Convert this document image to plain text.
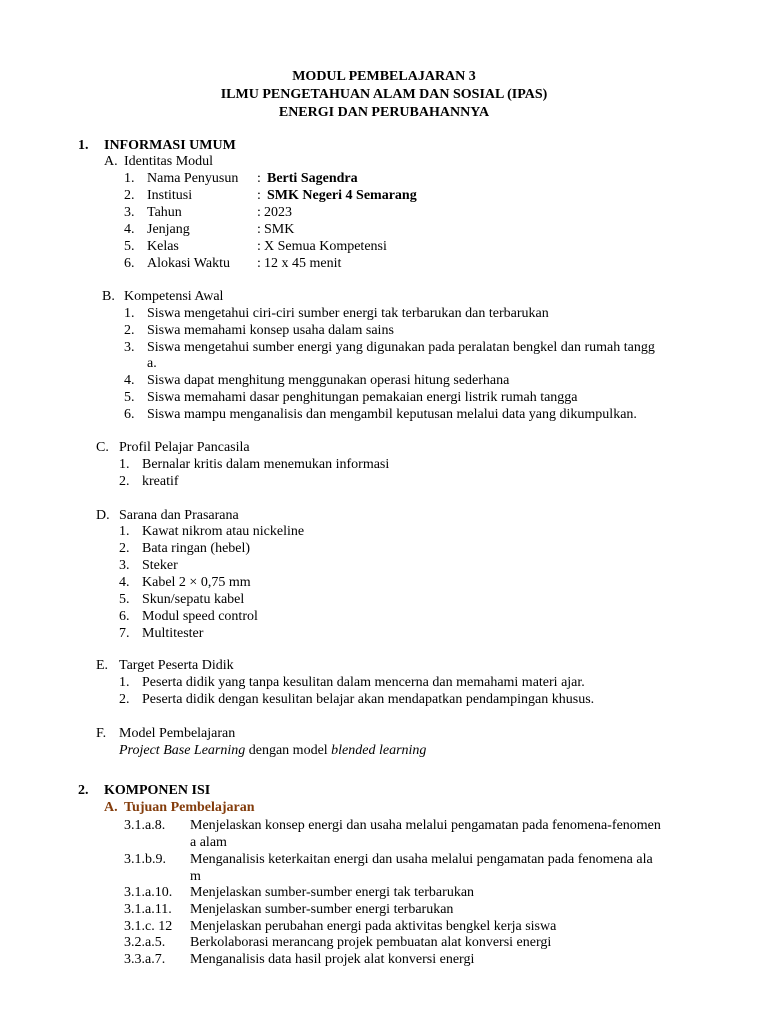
MODUL PEMBELAJARAN 3
ILMU PENGETAHUAN ALAM DAN SOSIAL (IPAS)
ENERGI DAN PERUBAHANNYA
1. INFORMASI UMUM
A. Identitas Modul
1. Nama Penyusun : Berti Sagendra
2. Institusi	: SMK Negeri 4 Semarang
3. Tahun	: 2023
4. Jenjang	: SMK
5. Kelas	: X Semua Kompetensi
6. Alokasi Waktu : 12 x 45 menit
B. Kompetensi Awal
1. Siswa mengetahui ciri-ciri sumber energi tak terbarukan dan terbarukan
2. Siswa memahami konsep usaha dalam sains
3. Siswa mengetahui sumber energi yang digunakan pada peralatan bengkel dan rumah tangg
a.
4. Siswa dapat menghitung menggunakan operasi hitung sederhana
5. Siswa memahami dasar penghitungan pemakaian energi listrik rumah tangga
6. Siswa mampu menganalisis dan mengambil keputusan melalui data yang dikumpulkan.
C. Profil Pelajar Pancasila
1. Bernalar kritis dalam menemukan informasi
2. kreatif
D. Sarana dan Prasarana
1. Kawat nikrom atau nickeline
2. Bata ringan (hebel)
3. Steker
4. Kabel 2 × 0,75 mm
5. Skun/sepatu kabel
6. Modul speed control
7. Multitester
E. Target Peserta Didik
1. Peserta didik yang tanpa kesulitan dalam mencerna dan memahami materi ajar.
2. Peserta didik dengan kesulitan belajar akan mendapatkan pendampingan khusus.
F. Model Pembelajaran
Project Base Learning dengan model blended learning
2. KOMPONEN ISI
A. Tujuan Pembelajaran
3.1.a.8. Menjelaskan konsep energi dan usaha melalui pengamatan pada fenomena-fenomen
a alam
3.1.b.9. Menganalisis keterkaitan energi dan usaha melalui pengamatan pada fenomena ala
m
3.1.a.10. Menjelaskan sumber-sumber energi tak terbarukan
3.1.a.11. Menjelaskan sumber-sumber energi terbarukan
3.1.c. 12 Menjelaskan perubahan energi pada aktivitas bengkel kerja siswa
3.2.a.5. Berkolaborasi merancang projek pembuatan alat konversi energi
3.3.a.7. Menganalisis data hasil projek alat konversi energi
